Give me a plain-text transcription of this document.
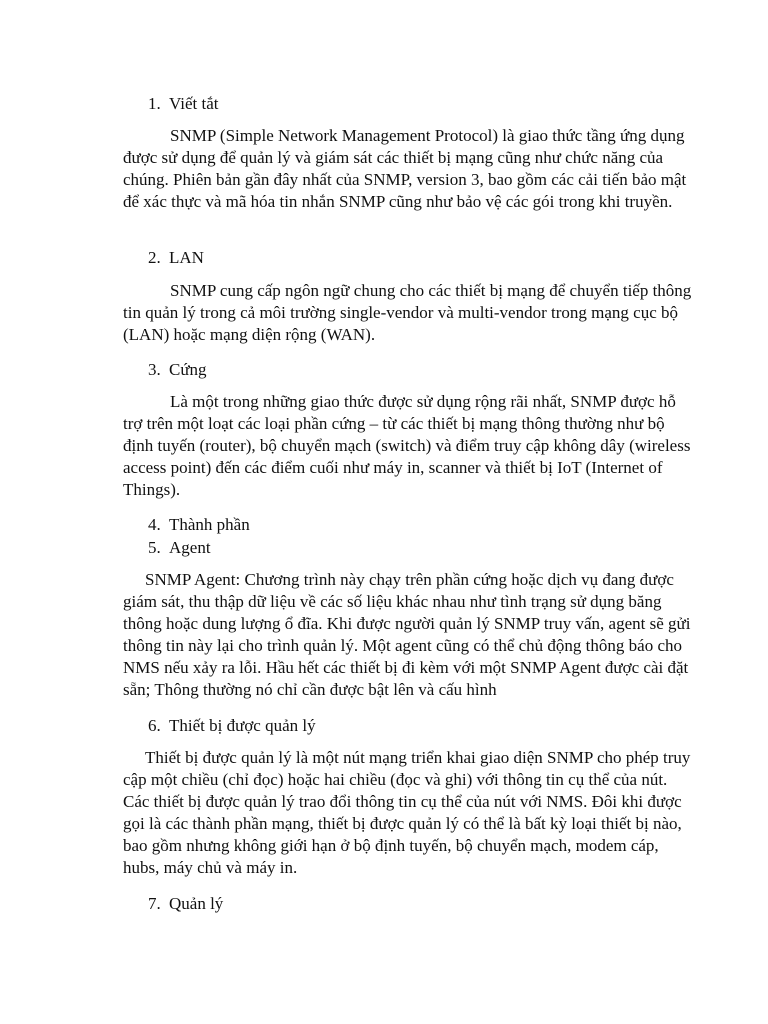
1. Viết tắt

SNMP (Simple Network Management Protocol) là giao thức tầng ứng dụng được sử dụng để quản lý và giám sát các thiết bị mạng cũng như chức năng của chúng. Phiên bản gần đây nhất của SNMP, version 3, bao gồm các cải tiến bảo mật để xác thực và mã hóa tin nhắn SNMP cũng như bảo vệ các gói trong khi truyền.

2. LAN

SNMP cung cấp ngôn ngữ chung cho các thiết bị mạng để chuyển tiếp thông tin quản lý trong cả môi trường single-vendor và multi-vendor trong mạng cục bộ (LAN) hoặc mạng diện rộng (WAN).

3. Cứng

Là một trong những giao thức được sử dụng rộng rãi nhất, SNMP được hỗ trợ trên một loạt các loại phần cứng – từ các thiết bị mạng thông thường như bộ định tuyến (router), bộ chuyển mạch (switch) và điểm truy cập không dây (wireless access point) đến các điểm cuối như máy in, scanner và thiết bị IoT (Internet of Things).

4. Thành phần
5. Agent

SNMP Agent: Chương trình này chạy trên phần cứng hoặc dịch vụ đang được giám sát, thu thập dữ liệu về các số liệu khác nhau như tình trạng sử dụng băng thông hoặc dung lượng ổ đĩa. Khi được người quản lý SNMP truy vấn, agent sẽ gửi thông tin này lại cho trình quản lý. Một agent cũng có thể chủ động thông báo cho NMS nếu xảy ra lỗi. Hầu hết các thiết bị đi kèm với một SNMP Agent được cài đặt sẵn; Thông thường nó chỉ cần được bật lên và cấu hình

6. Thiết bị được quản lý

Thiết bị được quản lý là một nút mạng triển khai giao diện SNMP cho phép truy cập một chiều (chỉ đọc) hoặc hai chiều (đọc và ghi) với thông tin cụ thể của nút. Các thiết bị được quản lý trao đổi thông tin cụ thể của nút với NMS. Đôi khi được gọi là các thành phần mạng, thiết bị được quản lý có thể là bất kỳ loại thiết bị nào, bao gồm nhưng không giới hạn ở bộ định tuyến, bộ chuyển mạch, modem cáp, hubs, máy chủ và máy in.

7. Quản lý
